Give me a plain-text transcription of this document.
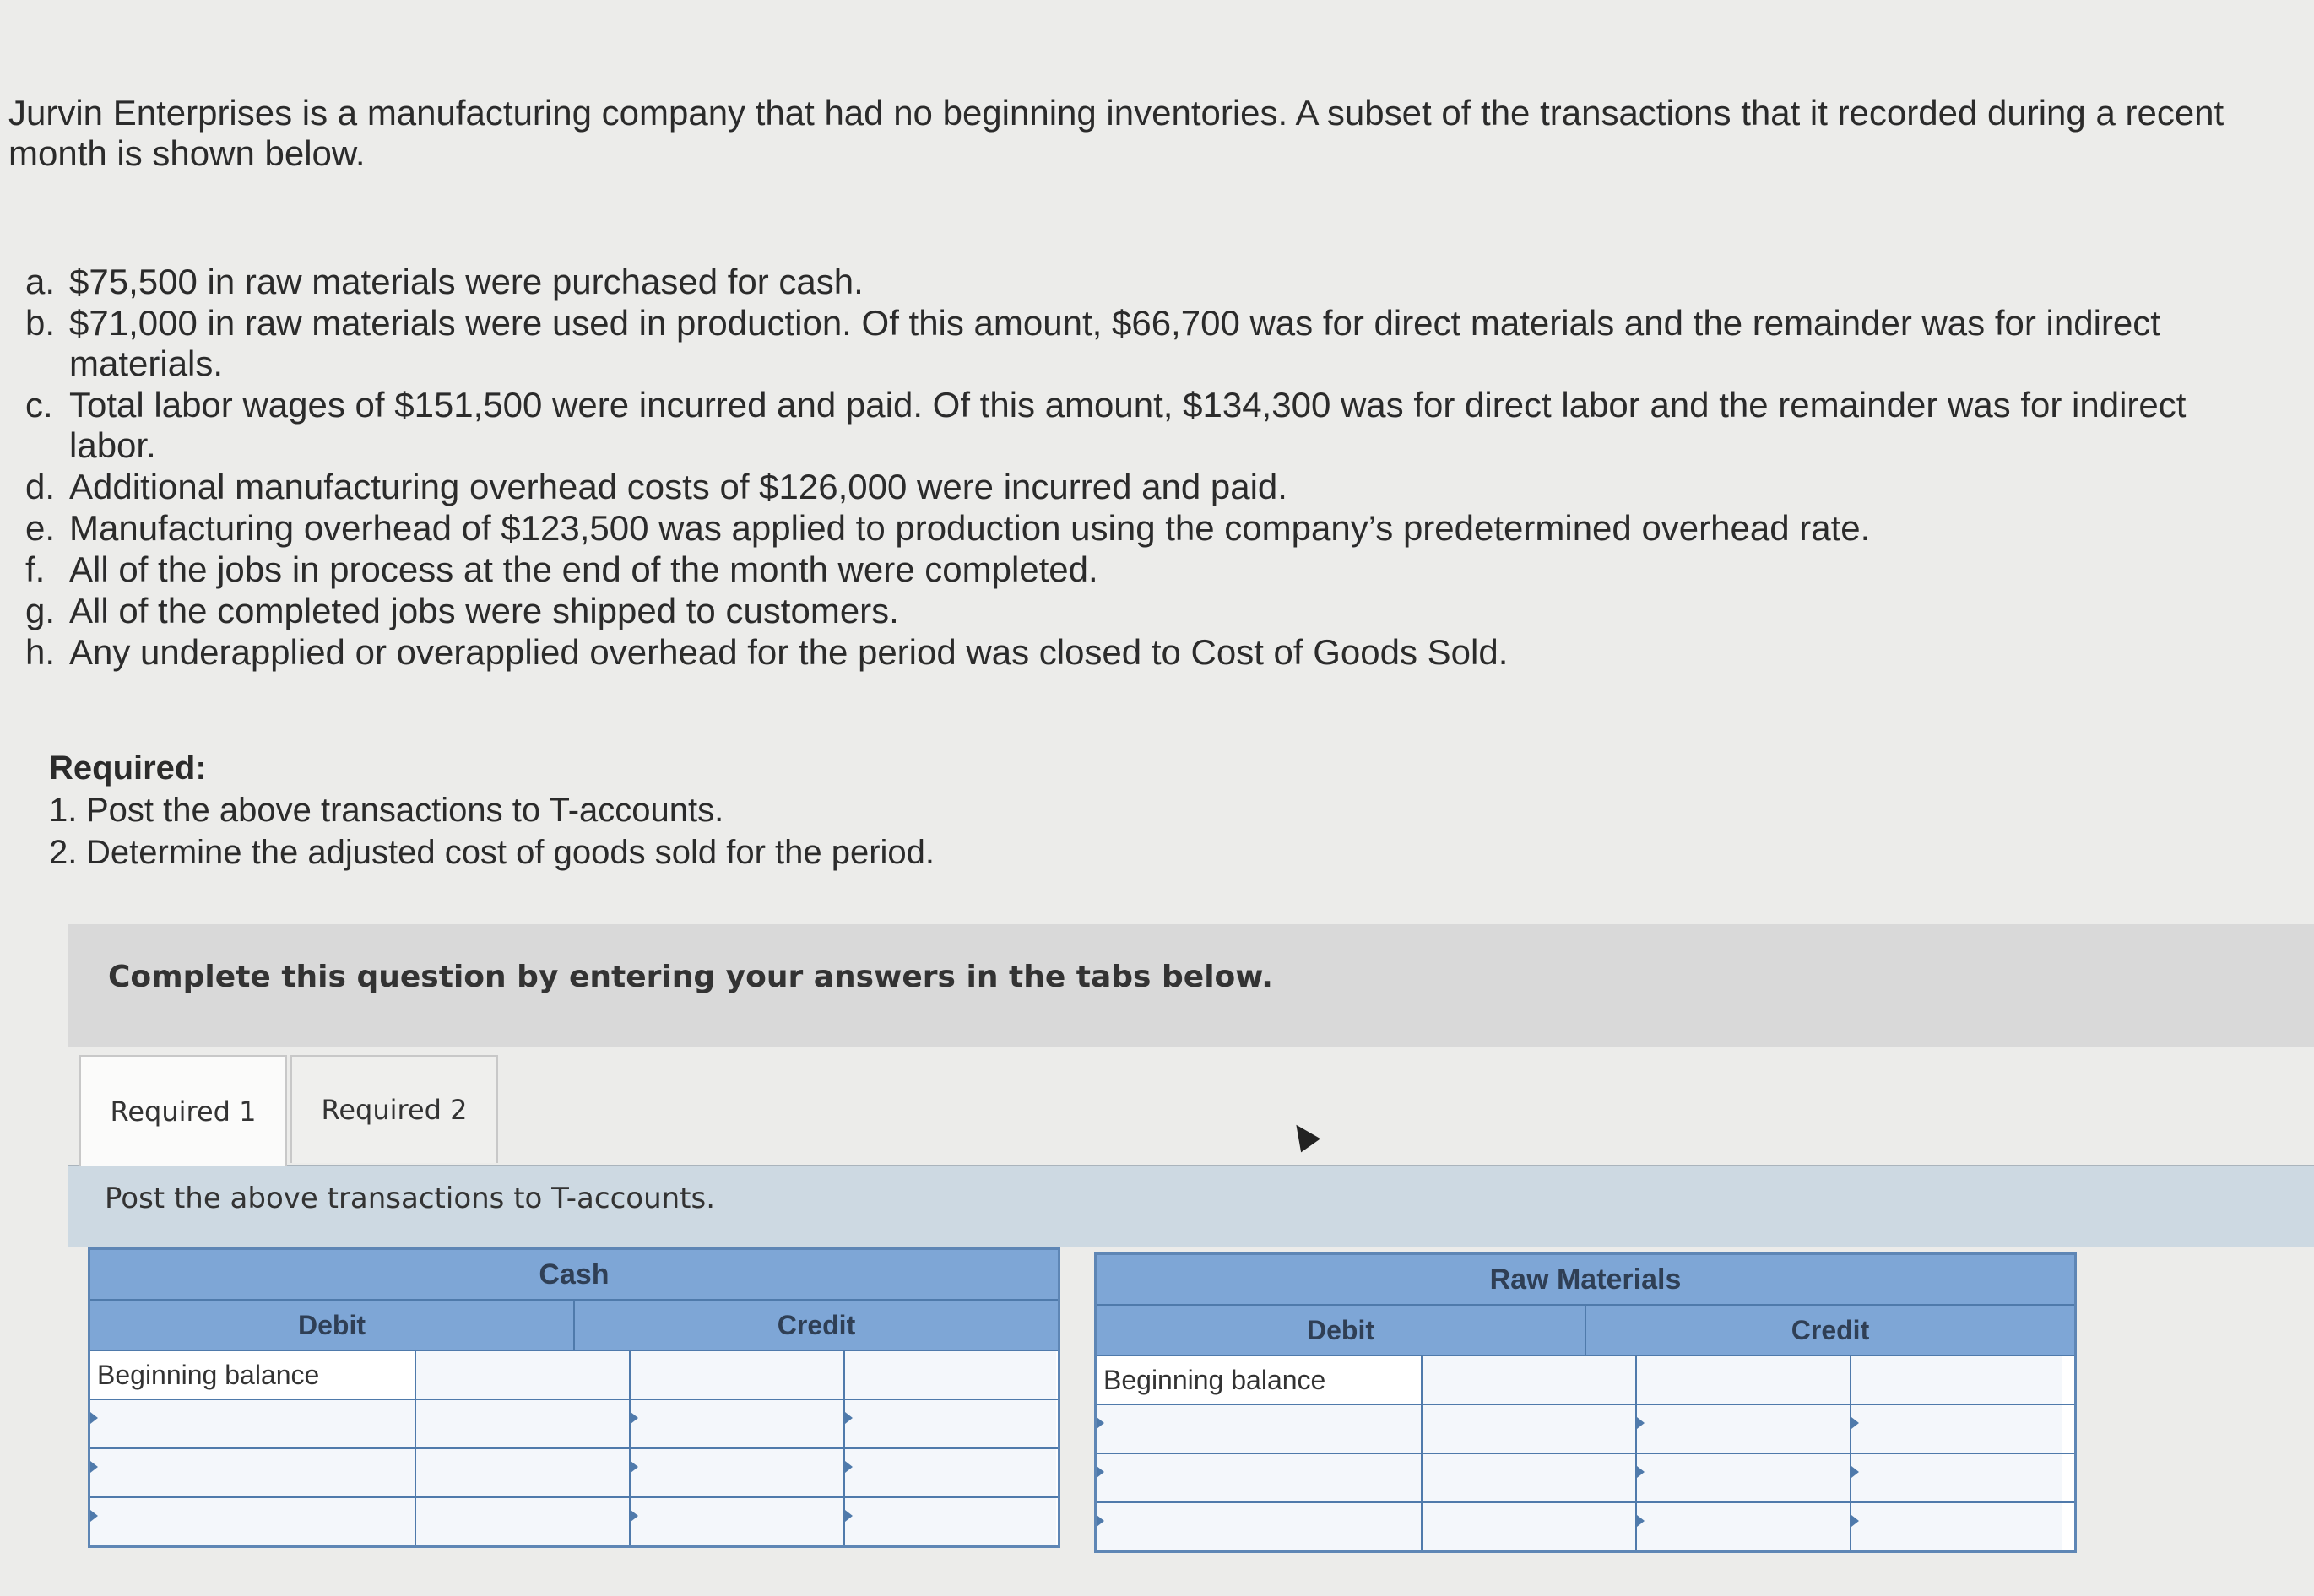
Jurvin Enterprises is a manufacturing company that had no beginning inventories. A subset of the transactions that it recorded during a recent month is shown below.

a. $75,500 in raw materials were purchased for cash.
b. $71,000 in raw materials were used in production. Of this amount, $66,700 was for direct materials and the remainder was for indirect materials.
c. Total labor wages of $151,500 were incurred and paid. Of this amount, $134,300 was for direct labor and the remainder was for indirect labor.
d. Additional manufacturing overhead costs of $126,000 were incurred and paid.
e. Manufacturing overhead of $123,500 was applied to production using the company’s predetermined overhead rate.
f. All of the jobs in process at the end of the month were completed.
g. All of the completed jobs were shipped to customers.
h. Any underapplied or overapplied overhead for the period was closed to Cost of Goods Sold.
Required:
1. Post the above transactions to T-accounts.
2. Determine the adjusted cost of goods sold for the period.
Complete this question by entering your answers in the tabs below.
Required 1	Required 2
Post the above transactions to T-accounts.
Cash
Debit	Credit
Beginning balance
Raw Materials
Debit	Credit
Beginning balance
